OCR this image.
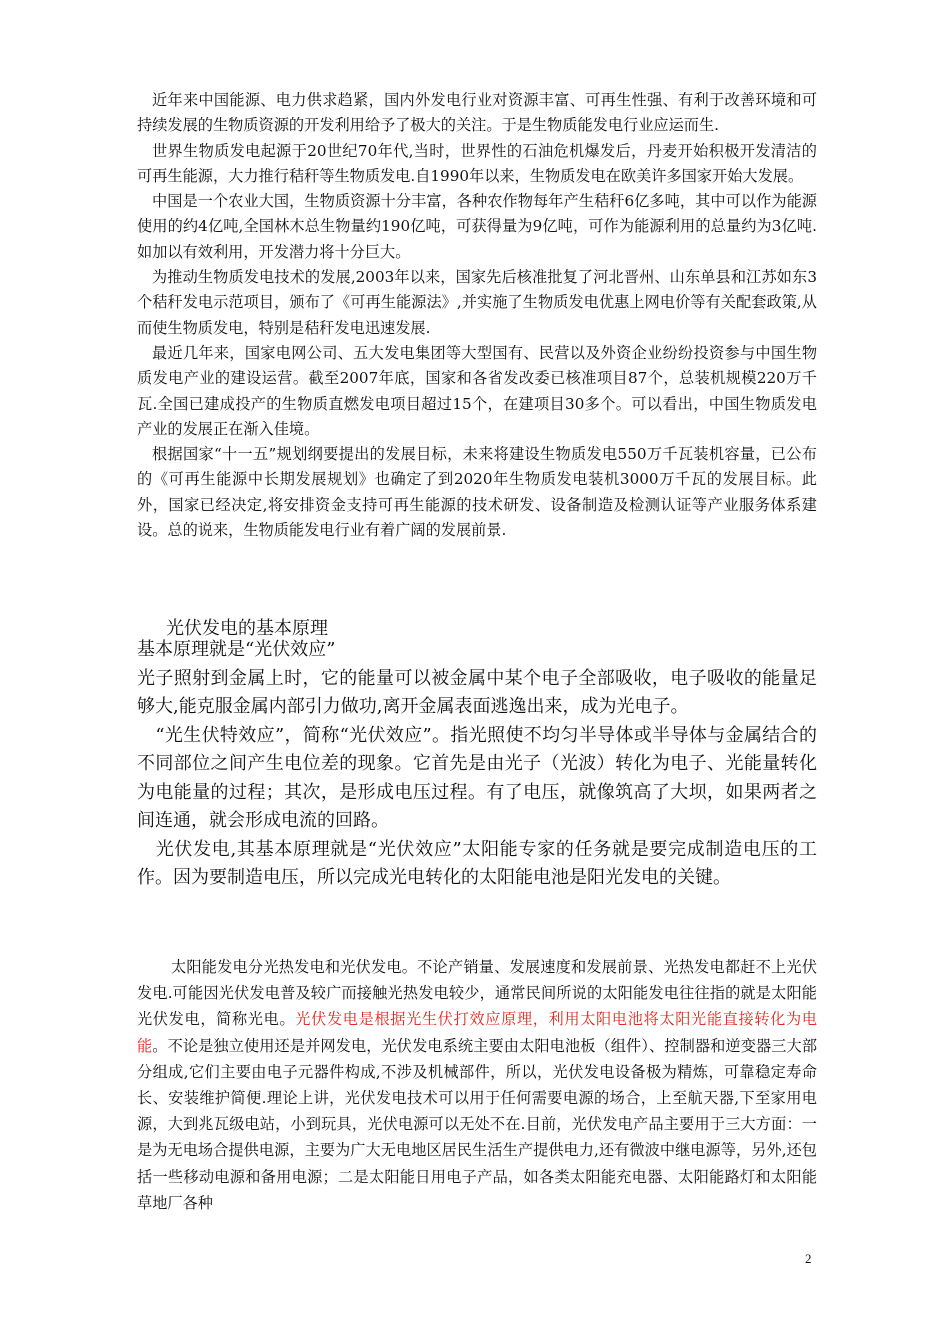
近年来中国能源、电力供求趋紧，国内外发电行业对资源丰富、可再生性强、有利于改善环境和可持续发展的生物质资源的开发利用给予了极大的关注。于是生物质能发电行业应运而生.

世界生物质发电起源于20世纪70年代,当时，世界性的石油危机爆发后，丹麦开始积极开发清洁的可再生能源，大力推行秸秆等生物质发电.自1990年以来，生物质发电在欧美许多国家开始大发展。

中国是一个农业大国，生物质资源十分丰富，各种农作物每年产生秸秆6亿多吨，其中可以作为能源使用的约4亿吨,全国林木总生物量约190亿吨，可获得量为9亿吨，可作为能源利用的总量约为3亿吨.如加以有效利用，开发潜力将十分巨大。

为推动生物质发电技术的发展,2003年以来，国家先后核准批复了河北晋州、山东单县和江苏如东3个秸秆发电示范项目，颁布了《可再生能源法》,并实施了生物质发电优惠上网电价等有关配套政策,从而使生物质发电，特别是秸秆发电迅速发展.

最近几年来，国家电网公司、五大发电集团等大型国有、民营以及外资企业纷纷投资参与中国生物质发电产业的建设运营。截至2007年底，国家和各省发改委已核准项目87个，总装机规模220万千瓦.全国已建成投产的生物质直燃发电项目超过15个，在建项目30多个。可以看出，中国生物质发电产业的发展正在渐入佳境。

根据国家“十一五”规划纲要提出的发展目标，未来将建设生物质发电550万千瓦装机容量，已公布的《可再生能源中长期发展规划》也确定了到2020年生物质发电装机3000万千瓦的发展目标。此外，国家已经决定,将安排资金支持可再生能源的技术研发、设备制造及检测认证等产业服务体系建设。总的说来，生物质能发电行业有着广阔的发展前景.

光伏发电的基本原理

基本原理就是“光伏效应”

光子照射到金属上时，它的能量可以被金属中某个电子全部吸收，电子吸收的能量足够大,能克服金属内部引力做功,离开金属表面逃逸出来，成为光电子。

　“光生伏特效应”，简称“光伏效应”。指光照使不均匀半导体或半导体与金属结合的不同部位之间产生电位差的现象。它首先是由光子（光波）转化为电子、光能量转化为电能量的过程；其次，是形成电压过程。有了电压，就像筑高了大坝，如果两者之间连通，就会形成电流的回路。

　光伏发电,其基本原理就是“光伏效应”太阳能专家的任务就是要完成制造电压的工作。因为要制造电压，所以完成光电转化的太阳能电池是阳光发电的关键。

太阳能发电分光热发电和光伏发电。不论产销量、发展速度和发展前景、光热发电都赶不上光伏发电.可能因光伏发电普及较广而接触光热发电较少，通常民间所说的太阳能发电往往指的就是太阳能光伏发电，简称光电。光伏发电是根据光生伏打效应原理，利用太阳电池将太阳光能直接转化为电能。不论是独立使用还是并网发电，光伏发电系统主要由太阳电池板（组件）、控制器和逆变器三大部分组成,它们主要由电子元器件构成,不涉及机械部件，所以，光伏发电设备极为精炼，可靠稳定寿命长、安装维护简便.理论上讲，光伏发电技术可以用于任何需要电源的场合，上至航天器,下至家用电源，大到兆瓦级电站，小到玩具，光伏电源可以无处不在.目前，光伏发电产品主要用于三大方面：一是为无电场合提供电源，主要为广大无电地区居民生活生产提供电力,还有微波中继电源等，另外,还包括一些移动电源和备用电源；二是太阳能日用电子产品，如各类太阳能充电器、太阳能路灯和太阳能草地厂各种

2
